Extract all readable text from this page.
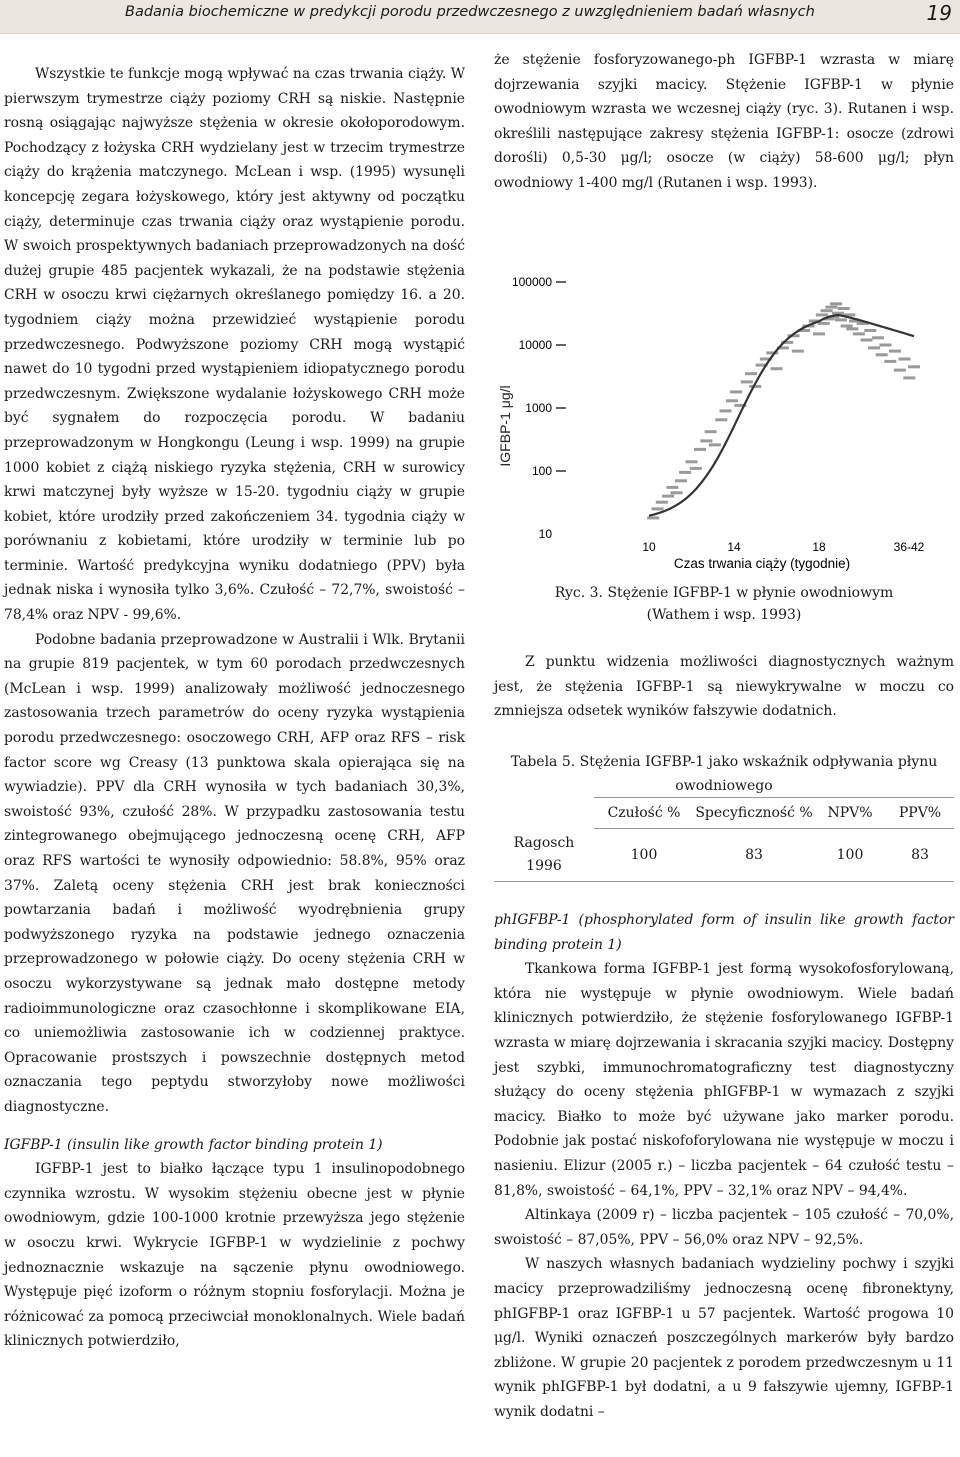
Badania biochemiczne w predykcji porodu przedwczesnego z uwzględnieniem badań własnych	19

Wszystkie te funkcje mogą wpływać na czas trwania ciąży. W pierwszym trymestrze ciąży poziomy CRH są niskie. Następnie rosną osiągając najwyższe stężenia w okresie okołoporodowym. Pochodzący z łożyska CRH wydzielany jest w trzecim trymestrze ciąży do krążenia matczynego. McLean i wsp. (1995) wysunęli koncepcję zegara łożyskowego, który jest aktywny od początku ciąży, determinuje czas trwania ciąży oraz wystąpienie porodu. W swoich prospektywnych badaniach przeprowadzonych na dość dużej grupie 485 pacjentek wykazali, że na podstawie stężenia CRH w osoczu krwi ciężarnych określanego pomiędzy 16. a 20. tygodniem ciąży można przewidzieć wystąpienie porodu przedwczesnego. Podwyższone poziomy CRH mogą wystąpić nawet do 10 tygodni przed wystąpieniem idiopatycznego porodu przedwczesnym. Zwiększone wydalanie łożyskowego CRH może być sygnałem do rozpoczęcia porodu. W badaniu przeprowadzonym w Hongkongu (Leung i wsp. 1999) na grupie 1000 kobiet z ciążą niskiego ryzyka stężenia, CRH w surowicy krwi matczynej były wyższe w 15-20. tygodniu ciąży w grupie kobiet, które urodziły przed zakończeniem 34. tygodnia ciąży w porównaniu z kobietami, które urodziły w terminie lub po terminie. Wartość predykcyjna wyniku dodatniego (PPV) była jednak niska i wynosiła tylko 3,6%. Czułość – 72,7%, swoistość – 78,4% oraz NPV - 99,6%.

Podobne badania przeprowadzone w Australii i Wlk. Brytanii na grupie 819 pacjentek, w tym 60 porodach przedwczesnych (McLean i wsp. 1999) analizowały możliwość jednoczesnego zastosowania trzech parametrów do oceny ryzyka wystąpienia porodu przedwczesnego: osoczowego CRH, AFP oraz RFS – risk factor score wg Creasy (13 punktowa skala opierająca się na wywiadzie). PPV dla CRH wynosiła w tych badaniach 30,3%, swoistość 93%, czułość 28%. W przypadku zastosowania testu zintegrowanego obejmującego jednoczesną ocenę CRH, AFP oraz RFS wartości te wynosiły odpowiednio: 58.8%, 95% oraz 37%. Zaletą oceny stężenia CRH jest brak konieczności powtarzania badań i możliwość wyodrębnienia grupy podwyższonego ryzyka na podstawie jednego oznaczenia przeprowadzonego w połowie ciąży. Do oceny stężenia CRH w osoczu wykorzystywane są jednak mało dostępne metody radioimmunologiczne oraz czasochłonne i skomplikowane EIA, co uniemożliwia zastosowanie ich w codziennej praktyce. Opracowanie prostszych i powszechnie dostępnych metod oznaczania tego peptydu stworzyłoby nowe możliwości diagnostyczne.

IGFBP-1 (insulin like growth factor binding protein 1)

IGFBP-1 jest to białko łączące typu 1 insulinopodobnego czynnika wzrostu. W wysokim stężeniu obecne jest w płynie owodniowym, gdzie 100-1000 krotnie przewyższa jego stężenie w osoczu krwi. Wykrycie IGFBP-1 w wydzielinie z pochwy jednoznacznie wskazuje na sączenie płynu owodniowego. Występuje pięć izoform o różnym stopniu fosforylacji. Można je różnicować za pomocą przeciwciał monoklonalnych. Wiele badań klinicznych potwierdziło,

że stężenie fosforyzowanego-ph IGFBP-1 wzrasta w miarę dojrzewania szyjki macicy. Stężenie IGFBP-1 w płynie owodniowym wzrasta we wczesnej ciąży (ryc. 3). Rutanen i wsp. określili następujące zakresy stężenia IGFBP-1: osocze (zdrowi dorośli) 0,5-30 μg/l; osocze (w ciąży) 58-600 μg/l; płyn owodniowy 1-400 mg/l (Rutanen i wsp. 1993).

IGFBP-1 μg/l
100000
10000
1000
100
10
10	14	18	36-42
Czas trwania ciąży (tygodnie)
Ryc. 3. Stężenie IGFBP-1 w płynie owodniowym
(Wathem i wsp. 1993)

Z punktu widzenia możliwości diagnostycznych ważnym jest, że stężenia IGFBP-1 są niewykrywalne w moczu co zmniejsza odsetek wyników fałszywie dodatnich.

Tabela 5. Stężenia IGFBP-1 jako wskaźnik odpływania płynu
owodniowego
	Czułość %	Specyficzność %	NPV%	PPV%

Ragosch
1996	100	83	100	83

phIGFBP-1 (phosphorylated form of insulin like growth factor binding protein 1)

Tkankowa forma IGFBP-1 jest formą wysokofosforylowaną, która nie występuje w płynie owodniowym. Wiele badań klinicznych potwierdziło, że stężenie fosforylowanego IGFBP-1 wzrasta w miarę dojrzewania i skracania szyjki macicy. Dostępny jest szybki, immunochromatograficzny test diagnostyczny służący do oceny stężenia phIGFBP-1 w wymazach z szyjki macicy. Białko to może być używane jako marker porodu. Podobnie jak postać niskofoforylowana nie występuje w moczu i nasieniu. Elizur (2005 r.) – liczba pacjentek – 64 czułość testu – 81,8%, swoistość – 64,1%, PPV – 32,1% oraz NPV – 94,4%.

Altinkaya (2009 r) – liczba pacjentek – 105 czułość – 70,0%, swoistość – 87,05%, PPV – 56,0% oraz NPV – 92,5%.

W naszych własnych badaniach wydzieliny pochwy i szyjki macicy przeprowadziliśmy jednoczesną ocenę fibronektyny, phIGFBP-1 oraz IGFBP-1 u 57 pacjentek. Wartość progowa 10 μg/l. Wyniki oznaczeń poszczególnych markerów były bardzo zbliżone. W grupie 20 pacjentek z porodem przedwczesnym u 11 wynik phIGFBP-1 był dodatni, a u 9 fałszywie ujemny, IGFBP-1 wynik dodatni –
